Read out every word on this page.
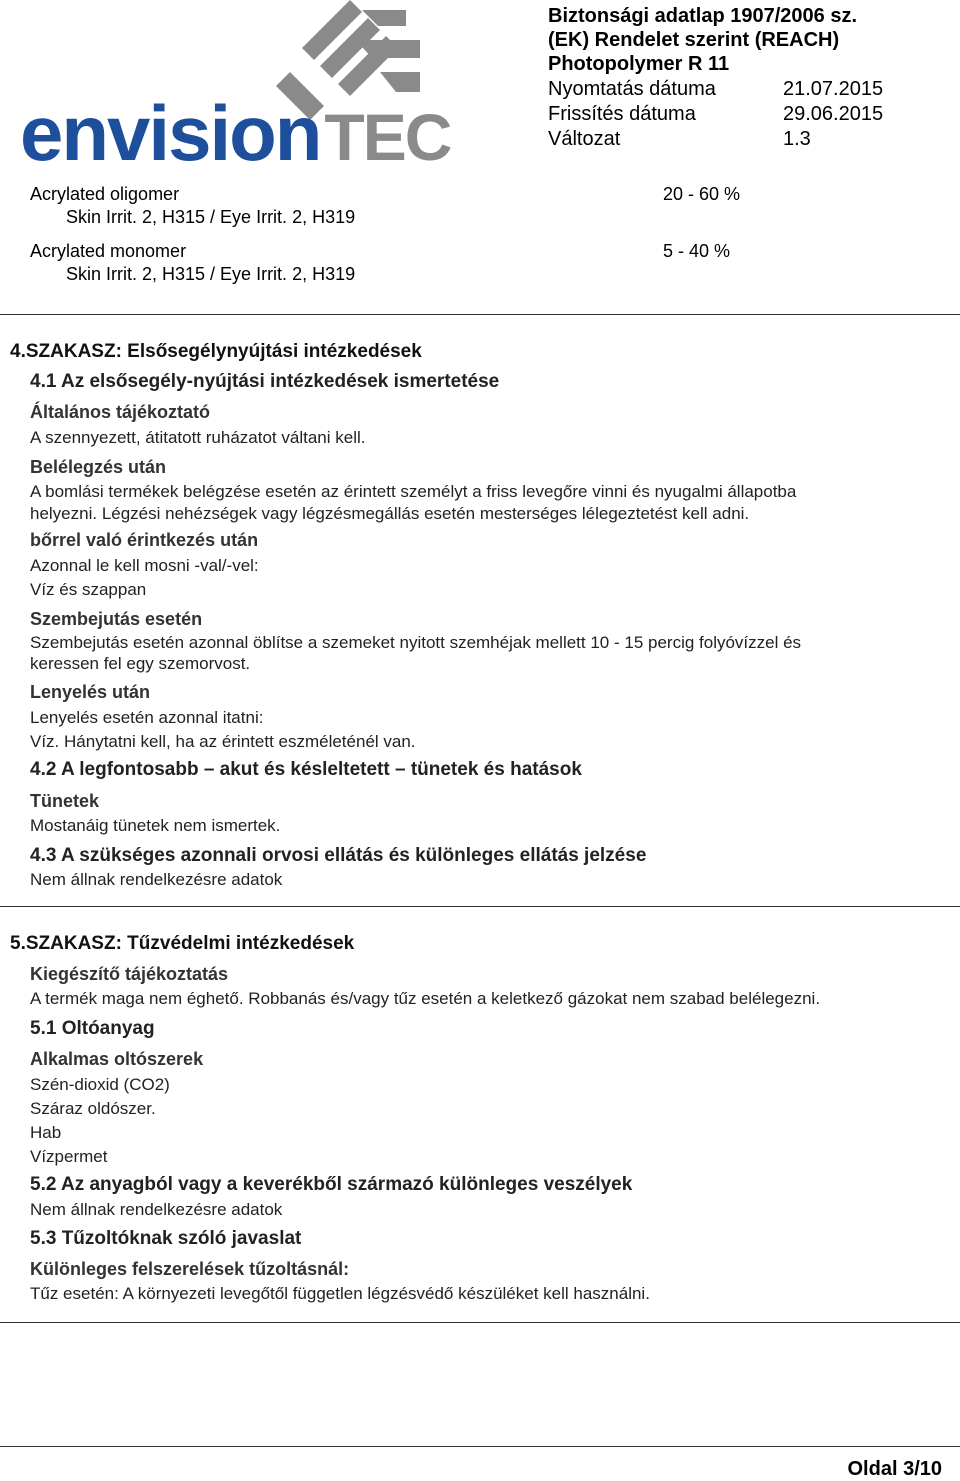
envisionTEC
Biztonsági adatlap 1907/2006 sz.
(EK) Rendelet szerint (REACH)
Photopolymer R 11
Nyomtatás dátuma	21.07.2015
Frissítés dátuma	29.06.2015
Változat	1.3
Acrylated oligomer	20 - 60 %
Skin Irrit. 2, H315 / Eye Irrit. 2, H319
Acrylated monomer	5 - 40 %
Skin Irrit. 2, H315 / Eye Irrit. 2, H319
4.SZAKASZ: Elsősegélynyújtási intézkedések
4.1 Az elsősegély-nyújtási intézkedések ismertetése
Általános tájékoztató
A szennyezett, átitatott ruházatot váltani kell.
Belélegzés után
A bomlási termékek belégzése esetén az érintett személyt a friss levegőre vinni és nyugalmi állapotba
helyezni. Légzési nehézségek vagy légzésmegállás esetén mesterséges lélegeztetést kell adni.
bőrrel való érintkezés után
Azonnal le kell mosni -val/-vel:
Víz és szappan
Szembejutás esetén
Szembejutás esetén azonnal öblítse a szemeket nyitott szemhéjak mellett 10 - 15 percig folyóvízzel és
keressen fel egy szemorvost.
Lenyelés után
Lenyelés esetén azonnal itatni:
Víz. Hánytatni kell, ha az érintett eszméleténél van.
4.2 A legfontosabb – akut és késleltetett – tünetek és hatások
Tünetek
Mostanáig tünetek nem ismertek.
4.3 A szükséges azonnali orvosi ellátás és különleges ellátás jelzése
Nem állnak rendelkezésre adatok
5.SZAKASZ: Tűzvédelmi intézkedések
Kiegészítő tájékoztatás
A termék maga nem éghető. Robbanás és/vagy tűz esetén a keletkező gázokat nem szabad belélegezni.
5.1 Oltóanyag
Alkalmas oltószerek
Szén-dioxid (CO2)
Száraz oldószer.
Hab
Vízpermet
5.2 Az anyagból vagy a keverékből származó különleges veszélyek
Nem állnak rendelkezésre adatok
5.3 Tűzoltóknak szóló javaslat
Különleges felszerelések tűzoltásnál:
Tűz esetén: A környezeti levegőtől független légzésvédő készüléket kell használni.
Oldal 3/10
